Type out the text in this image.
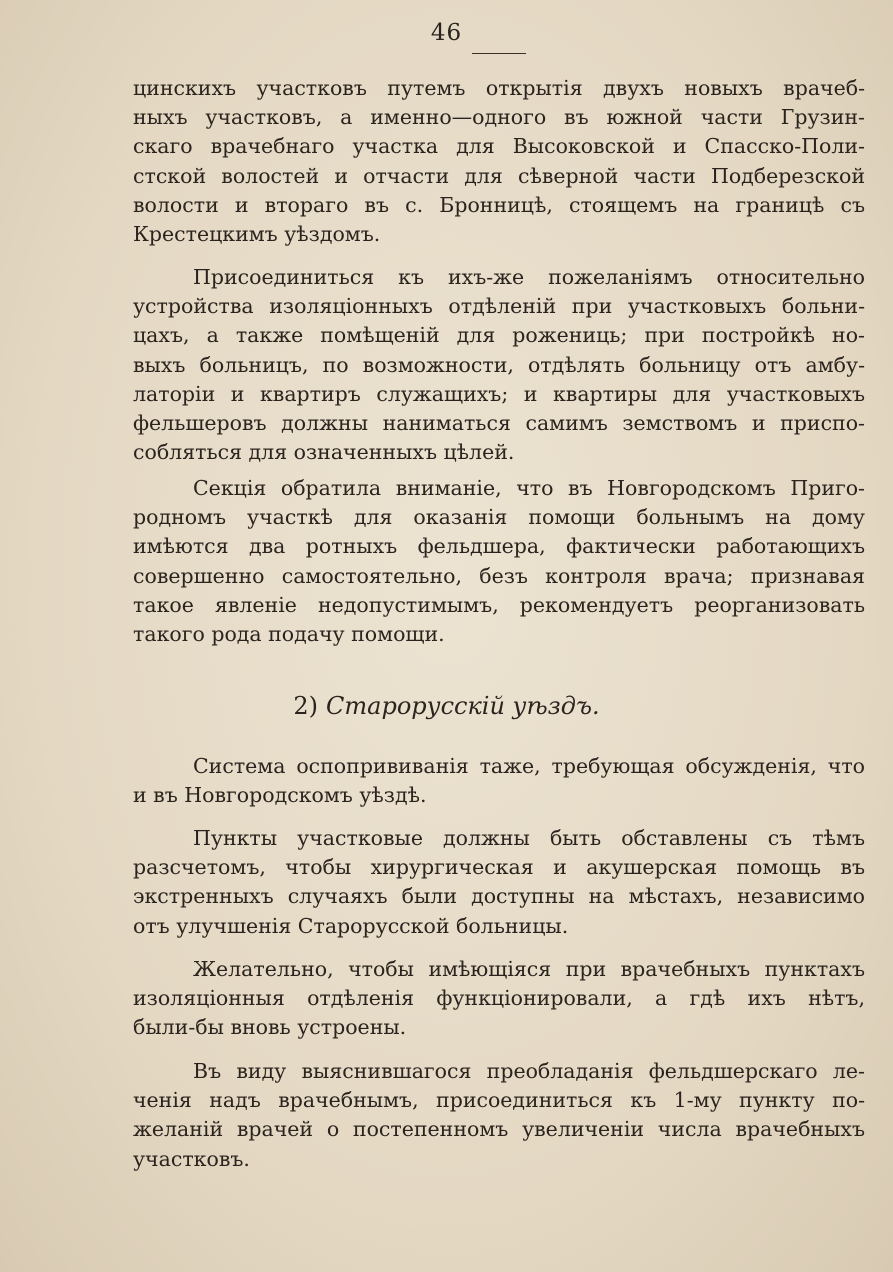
46
цинскихъ участковъ путемъ открытія двухъ новыхъ врачеб-
ныхъ участковъ, а именно—одного въ южной части Грузин-
скаго врачебнаго участка для Высоковской и Спасско-Поли-
стской волостей и отчасти для сѣверной части Подберезской
волости и втораго въ с. Бронницѣ, стоящемъ на границѣ съ
Крестецкимъ уѣздомъ.
Присоединиться къ ихъ-же пожеланіямъ относительно
устройства изоляціонныхъ отдѣленій при участковыхъ больни-
цахъ, а также помѣщеній для рожениць; при постройкѣ но-
выхъ больницъ, по возможности, отдѣлять больницу отъ амбу-
латоріи и квартиръ служащихъ; и квартиры для участковыхъ
фельшеровъ должны наниматься самимъ земствомъ и приспо-
собляться для означенныхъ цѣлей.
Секція обратила вниманіе, что въ Новгородскомъ Приго-
родномъ участкѣ для оказанія помощи больнымъ на дому
имѣются два ротныхъ фельдшера, фактически работающихъ
совершенно самостоятельно, безъ контроля врача; признавая
такое явленіе недопустимымъ, рекомендуетъ реорганизовать
такого рода подачу помощи.
2) Старорусскій уѣздъ.
Система оспопрививанія таже, требующая обсужденія, что
и въ Новгородскомъ уѣздѣ.
Пункты участковые должны быть обставлены съ тѣмъ
разсчетомъ, чтобы хирургическая и акушерская помощь въ
экстренныхъ случаяхъ были доступны на мѣстахъ, независимо
отъ улучшенія Старорусской больницы.
Желательно, чтобы имѣющіяся при врачебныхъ пунктахъ
изоляціонныя отдѣленія функціонировали, а гдѣ ихъ нѣтъ,
были-бы вновь устроены.
Въ виду выяснившагося преобладанія фельдшерскаго ле-
ченія надъ врачебнымъ, присоединиться къ 1-му пункту по-
желаній врачей о постепенномъ увеличеніи числа врачебныхъ
участковъ.
